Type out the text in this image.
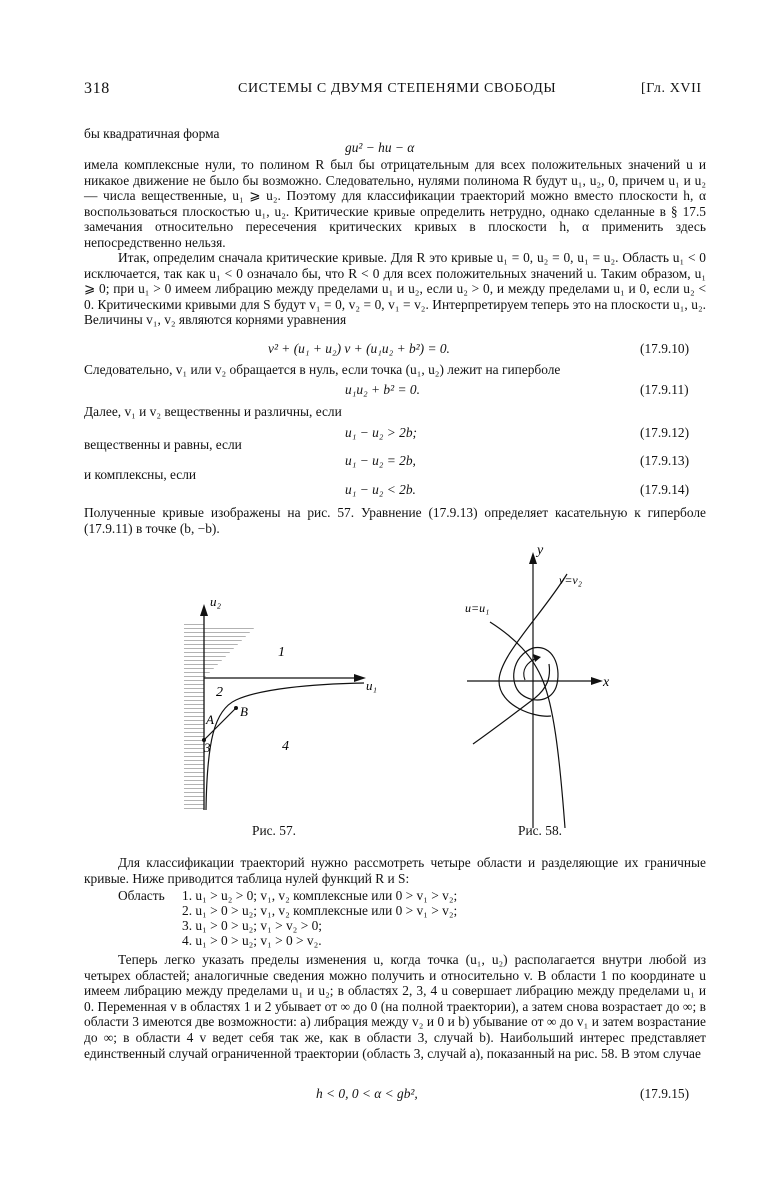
318	СИСТЕМЫ С ДВУМЯ СТЕПЕНЯМИ СВОБОДЫ	[Гл. XVII
бы квадратичная форма
gu² − hu − α
имела комплексные нули, то полином R был бы отрицательным для всех положительных значений u и никакое движение не было бы возможно. Следовательно, нулями полинома R будут u₁, u₂, 0, причем u₁ и u₂ — числа вещественные, u₁ ⩾ u₂. Поэтому для классификации траекторий можно вместо плоскости h, α воспользоваться плоскостью u₁, u₂. Критические кривые определить нетрудно, однако сделанные в § 17.5 замечания относительно пересечения критических кривых в плоскости h, α применить здесь непосредственно нельзя.
Итак, определим сначала критические кривые. Для R это кривые u₁ = 0, u₂ = 0, u₁ = u₂. Область u₁ < 0 исключается, так как u₁ < 0 означало бы, что R < 0 для всех положительных значений u. Таким образом, u₁ ⩾ 0; при u₁ > 0 имеем либрацию между пределами u₁ и u₂, если u₂ > 0, и между пределами u₁ и 0, если u₂ < 0. Критическими кривыми для S будут v₁ = 0, v₂ = 0, v₁ = v₂. Интерпретируем теперь это на плоскости u₁, u₂. Величины v₁, v₂ являются корнями уравнения
v² + (u₁ + u₂) v + (u₁u₂ + b²) = 0.	(17.9.10)
Следовательно, v₁ или v₂ обращается в нуль, если точка (u₁, u₂) лежит на гиперболе
u₁u₂ + b² = 0.	(17.9.11)
Далее, v₁ и v₂ вещественны и различны, если
u₁ − u₂ > 2b;	(17.9.12)
вещественны и равны, если
u₁ − u₂ = 2b,	(17.9.13)
и комплексны, если
u₁ − u₂ < 2b.	(17.9.14)
Полученные кривые изображены на рис. 57. Уравнение (17.9.13) определяет касательную к гиперболе (17.9.11) в точке (b, −b).
u₂
u₁
1
2
3	4
A
B
Рис. 57.
y
x
u=u₁
v=v₂
Рис. 58.
Для классификации траекторий нужно рассмотреть четыре области и разделяющие их граничные кривые. Ниже приводится таблица нулей функций R и S:
Область 1. u₁ > u₂ > 0; v₁, v₂ комплексные или 0 > v₁ > v₂;
2. u₁ > 0 > u₂; v₁, v₂ комплексные или 0 > v₁ > v₂;
3. u₁ > 0 > u₂; v₁ > v₂ > 0;
4. u₁ > 0 > u₂; v₁ > 0 > v₂.
Теперь легко указать пределы изменения u, когда точка (u₁, u₂) располагается внутри любой из четырех областей; аналогичные сведения можно получить и относительно v. В области 1 по координате u имеем либрацию между пределами u₁ и u₂; в областях 2, 3, 4 u совершает либрацию между пределами u₁ и 0. Переменная v в областях 1 и 2 убывает от ∞ до 0 (на полной траектории), а затем снова возрастает до ∞; в области 3 имеются две возможности: a) либрация между v₂ и 0 и b) убывание от ∞ до v₁ и затем возрастание до ∞; в области 4 v ведет себя так же, как в области 3, случай b). Наибольший интерес представляет единственный случай ограниченной траектории (область 3, случай a), показанный на рис. 58. В этом случае
h < 0, 0 < α < gb²,	(17.9.15)
